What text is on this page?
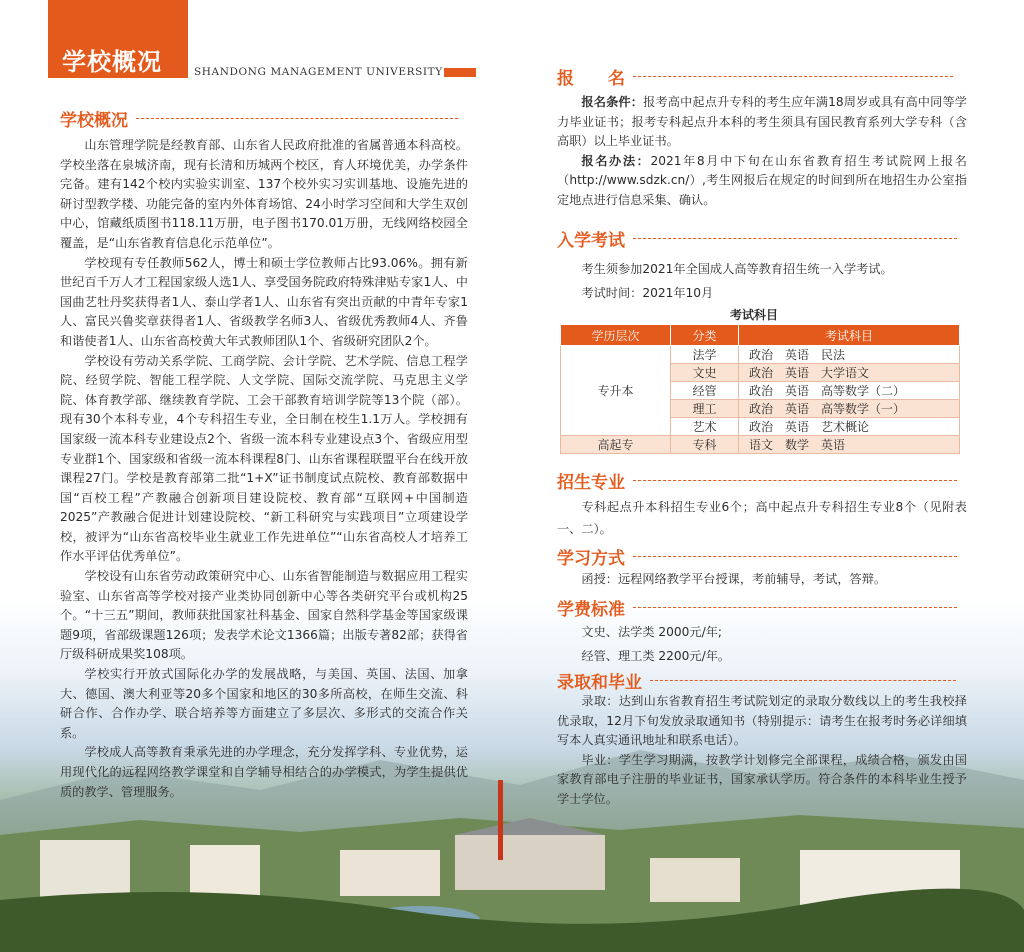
学校概况	SHANDONG MANAGEMENT UNIVERSITY
学校概况

山东管理学院是经教育部、山东省人民政府批准的省属普通本科高校。学校坐落在泉城济南，现有长清和历城两个校区，育人环境优美，办学条件完备。建有142个校内实验实训室、137个校外实习实训基地、设施先进的研讨型教学楼、功能完备的室内外体育场馆、24小时学习空间和大学生双创中心，馆藏纸质图书118.11万册，电子图书170.01万册，无线网络校园全覆盖，是“山东省教育信息化示范单位”。

学校现有专任教师562人，博士和硕士学位教师占比93.06%。拥有新世纪百千万人才工程国家级人选1人、享受国务院政府特殊津贴专家1人、中国曲艺牡丹奖获得者1人、泰山学者1人、山东省有突出贡献的中青年专家1人、富民兴鲁奖章获得者1人、省级教学名师3人、省级优秀教师4人、齐鲁和谐使者1人、山东省高校黄大年式教师团队1个、省级研究团队2个。

学校设有劳动关系学院、工商学院、会计学院、艺术学院、信息工程学院、经贸学院、智能工程学院、人文学院、国际交流学院、马克思主义学院、体育教学部、继续教育学院、工会干部教育培训学院等13个院（部）。现有30个本科专业，4个专科招生专业，全日制在校生1.1万人。学校拥有国家级一流本科专业建设点2个、省级一流本科专业建设点3个、省级应用型专业群1个、国家级和省级一流本科课程8门、山东省课程联盟平台在线开放课程27门。学校是教育部第二批“1+X”证书制度试点院校、教育部数据中国“百校工程”产教融合创新项目建设院校、教育部“互联网+中国制造2025”产教融合促进计划建设院校、“新工科研究与实践项目”立项建设学校，被评为“山东省高校毕业生就业工作先进单位”“山东省高校人才培养工作水平评估优秀单位”。

学校设有山东省劳动政策研究中心、山东省智能制造与数据应用工程实验室、山东省高等学校对接产业类协同创新中心等各类研究平台或机构25个。“十三五”期间，教师获批国家社科基金、国家自然科学基金等国家级课题9项，省部级课题126项；发表学术论文1366篇；出版专著82部；获得省厅级科研成果奖108项。

学校实行开放式国际化办学的发展战略，与美国、英国、法国、加拿大、德国、澳大利亚等20多个国家和地区的30多所高校，在师生交流、科研合作、合作办学、联合培养等方面建立了多层次、多形式的交流合作关系。

学校成人高等教育秉承先进的办学理念，充分发挥学科、专业优势，运用现代化的远程网络教学课堂和自学辅导相结合的办学模式，为学生提供优质的教学、管理服务。

报　　名

报名条件：报考高中起点升专科的考生应年满18周岁或具有高中同等学力毕业证书；报考专科起点升本科的考生须具有国民教育系列大学专科（含高职）以上毕业证书。

报名办法：2021年8月中下旬在山东省教育招生考试院网上报名（http://www.sdzk.cn/）,考生网报后在规定的时间到所在地招生办公室指定地点进行信息采集、确认。

入学考试

考生须参加2021年全国成人高等教育招生统一入学考试。

考试时间：2021年10月

考试科目
学历层次	分类	考试科目
专升本	法学	政治　英语　民法
	文史	政治　英语　大学语文
	经管	政治　英语　高等数学（二）
	理工	政治　英语　高等数学（一）
	艺术	政治　英语　艺术概论
高起专	专科	语文　数学　英语
招生专业

专科起点升本科招生专业6个；高中起点升专科招生专业8个（见附表一、二）。

学习方式

函授：远程网络教学平台授课，考前辅导，考试，答辩。

学费标准

文史、法学类 2000元/年;

经管、理工类 2200元/年。

录取和毕业

录取：达到山东省教育招生考试院划定的录取分数线以上的考生我校择优录取，12月下旬发放录取通知书（特别提示：请考生在报考时务必详细填写本人真实通讯地址和联系电话）。

毕业：学生学习期满，按教学计划修完全部课程，成绩合格，颁发由国家教育部电子注册的毕业证书，国家承认学历。符合条件的本科毕业生授予学士学位。
